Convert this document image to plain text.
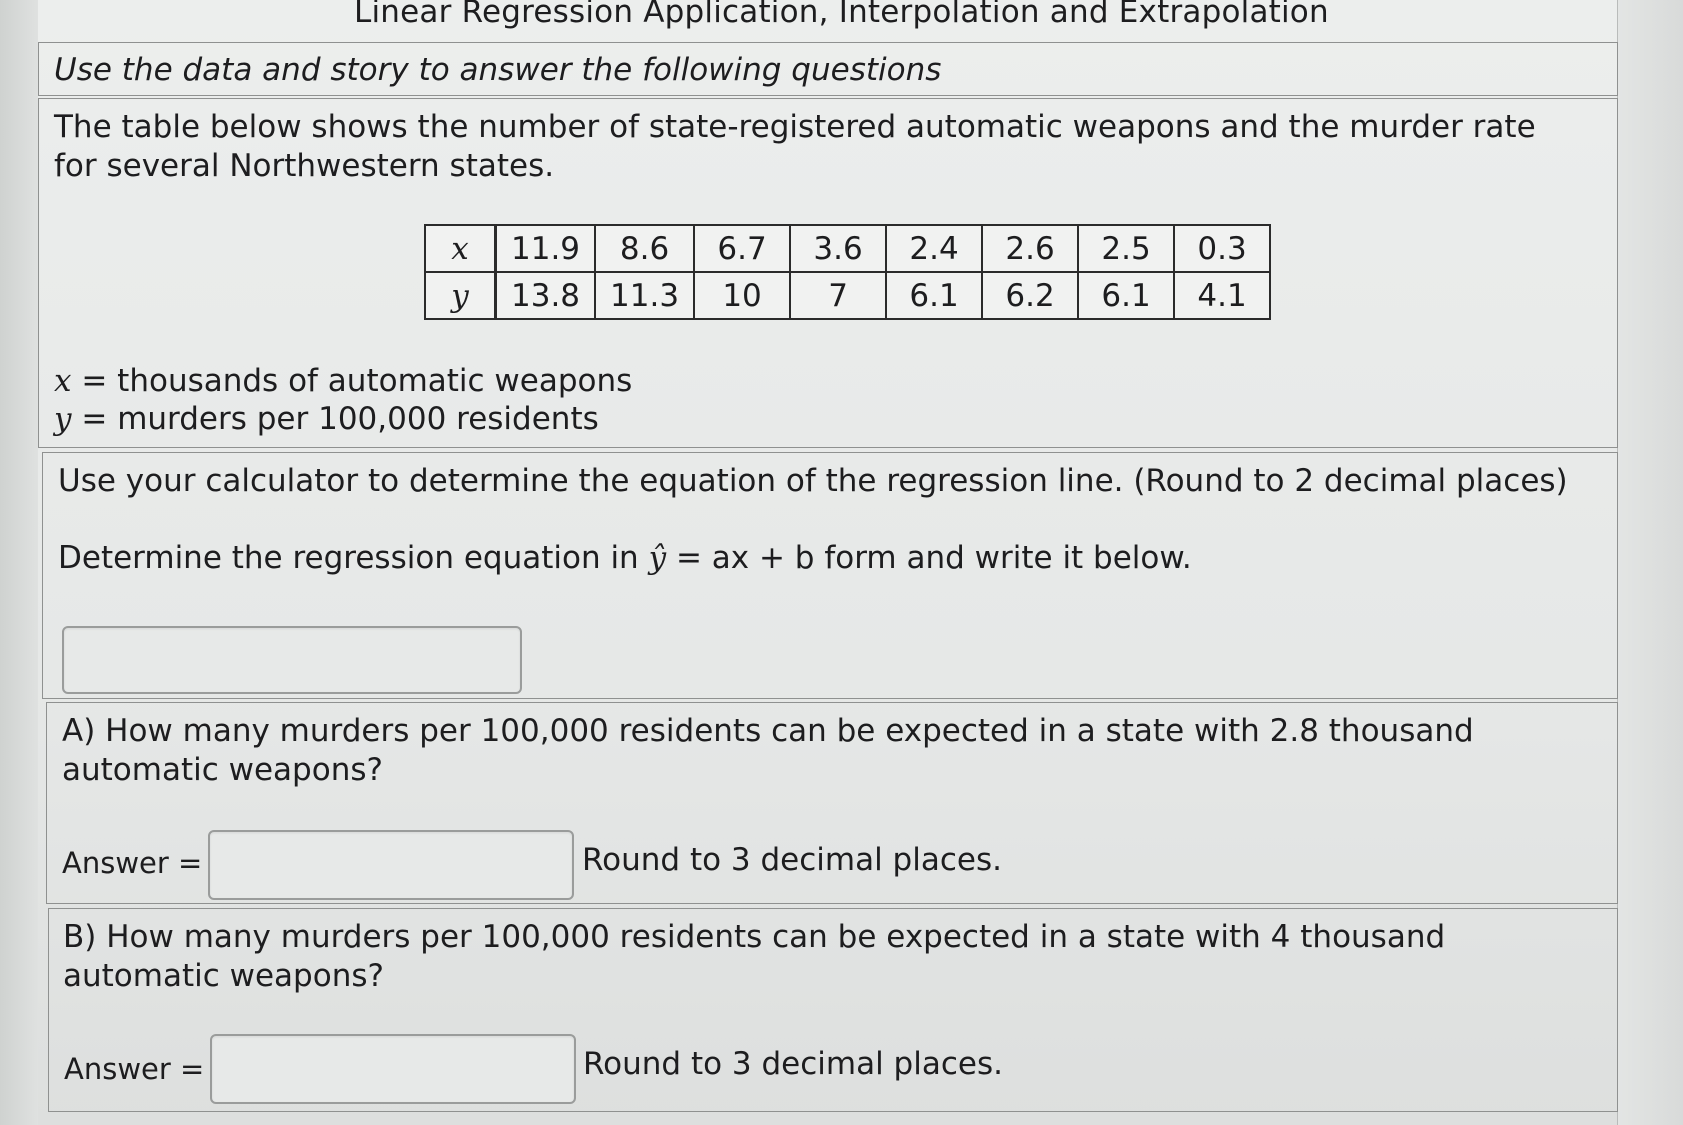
Linear Regression Application, Interpolation and Extrapolation
Use the data and story to answer the following questions
The table below shows the number of state-registered automatic weapons and the murder rate for several Northwestern states.
x	11.9	8.6	6.7	3.6	2.4	2.6	2.5	0.3
y	13.8	11.3	10	7	6.1	6.2	6.1	4.1
x = thousands of automatic weapons
y = murders per 100,000 residents
Use your calculator to determine the equation of the regression line. (Round to 2 decimal places)
Determine the regression equation in ŷ = ax + b form and write it below.
A) How many murders per 100,000 residents can be expected in a state with 2.8 thousand automatic weapons?
Answer =	Round to 3 decimal places.
B) How many murders per 100,000 residents can be expected in a state with 4 thousand automatic weapons?
Answer =	Round to 3 decimal places.
